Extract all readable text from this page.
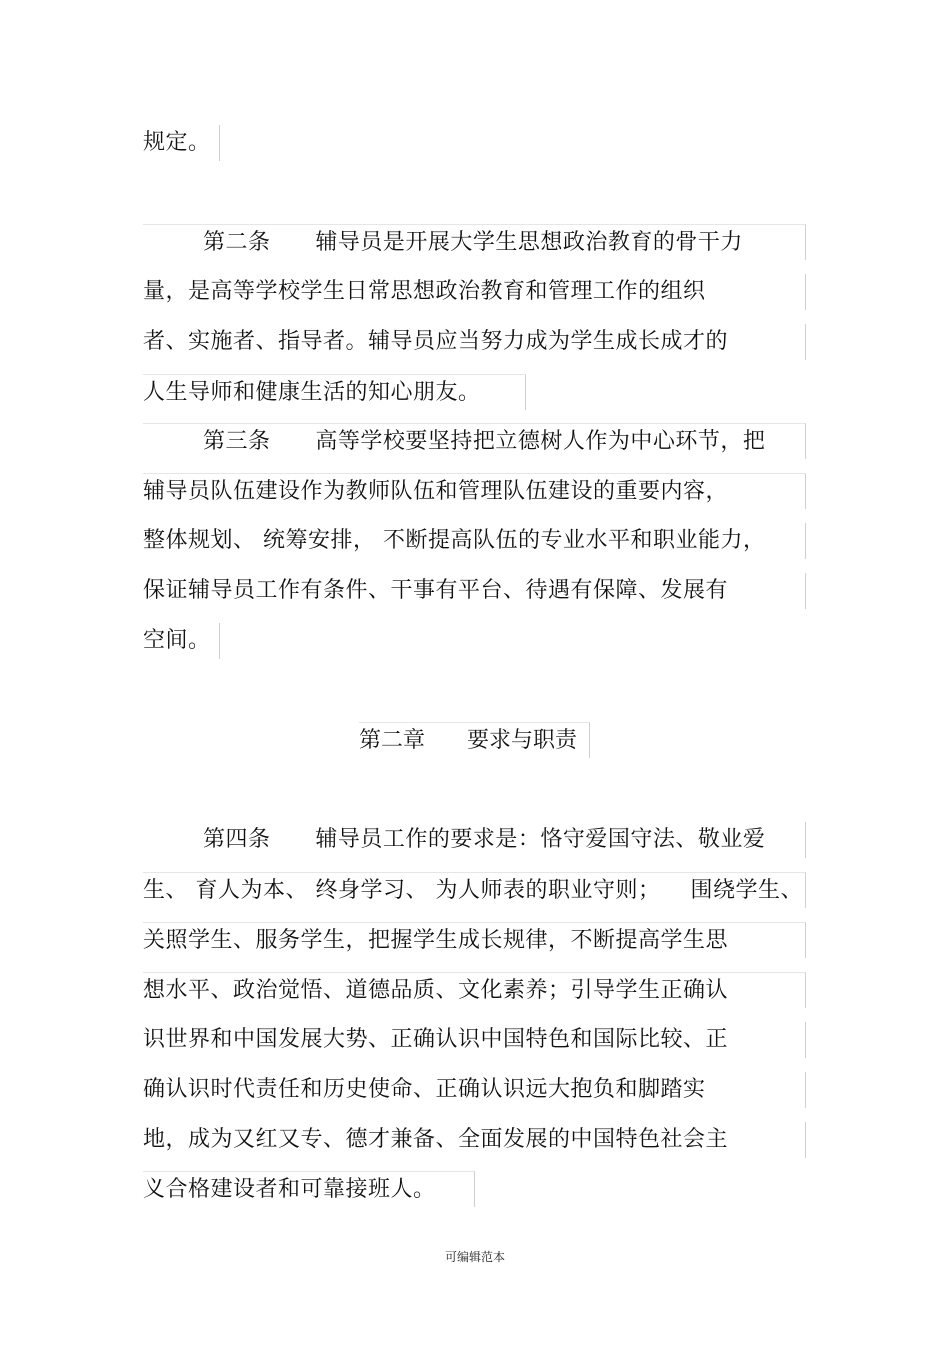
规定。
第二条      辅导员是开展大学生思想政治教育的骨干力
量，是高等学校学生日常思想政治教育和管理工作的组织
者、实施者、指导者。辅导员应当努力成为学生成长成才的
人生导师和健康生活的知心朋友。
第三条      高等学校要坚持把立德树人作为中心环节，把
辅导员队伍建设作为教师队伍和管理队伍建设的重要内容，
整体规划、 统筹安排， 不断提高队伍的专业水平和职业能力，
保证辅导员工作有条件、干事有平台、待遇有保障、发展有
空间。
第二章      要求与职责
第四条      辅导员工作的要求是：恪守爱国守法、敬业爱
生、 育人为本、 终身学习、 为人师表的职业守则；    围绕学生、
关照学生、服务学生，把握学生成长规律，不断提高学生思
想水平、政治觉悟、道德品质、文化素养；引导学生正确认
识世界和中国发展大势、正确认识中国特色和国际比较、正
确认识时代责任和历史使命、正确认识远大抱负和脚踏实
地，成为又红又专、德才兼备、全面发展的中国特色社会主
义合格建设者和可靠接班人。
可编辑范本
